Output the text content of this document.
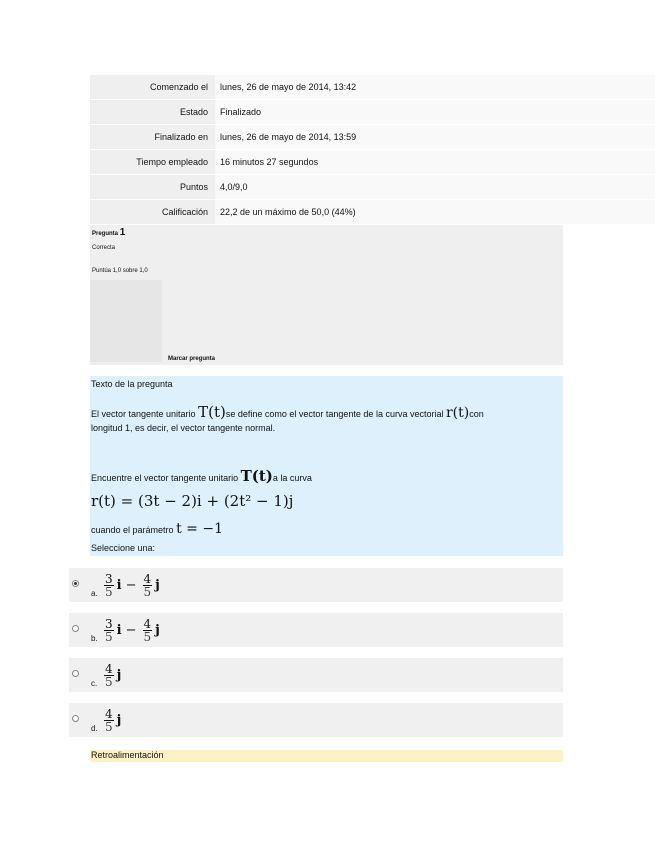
Comenzado el	lunes, 26 de mayo de 2014, 13:42
Estado	Finalizado
Finalizado en	lunes, 26 de mayo de 2014, 13:59
Tiempo empleado	16 minutos 27 segundos
Puntos	4,0/9,0
Calificación	22,2 de un máximo de 50,0 (44%)
Pregunta 1
Correcta
Puntúa 1,0 sobre 1,0
Marcar pregunta
Texto de la pregunta
El vector tangente unitario T(t)se define como el vector tangente de la curva vectorial r(t)con
longitud 1, es decir, el vector tangente normal.
Encuentre el vector tangente unitario T(t)a la curva
r(t) = (3t − 2)i + (2t² − 1)j
cuando el parámetro t = −1
Seleccione una:
a. $\frac{3}{5}$ $i - \frac{4}{5}$ j
b. $\frac{3}{5}$ $i - \frac{4}{5}$ j
c. $\frac{4}{5}$ j
d. $\frac{4}{5}$ j
Retroalimentación
